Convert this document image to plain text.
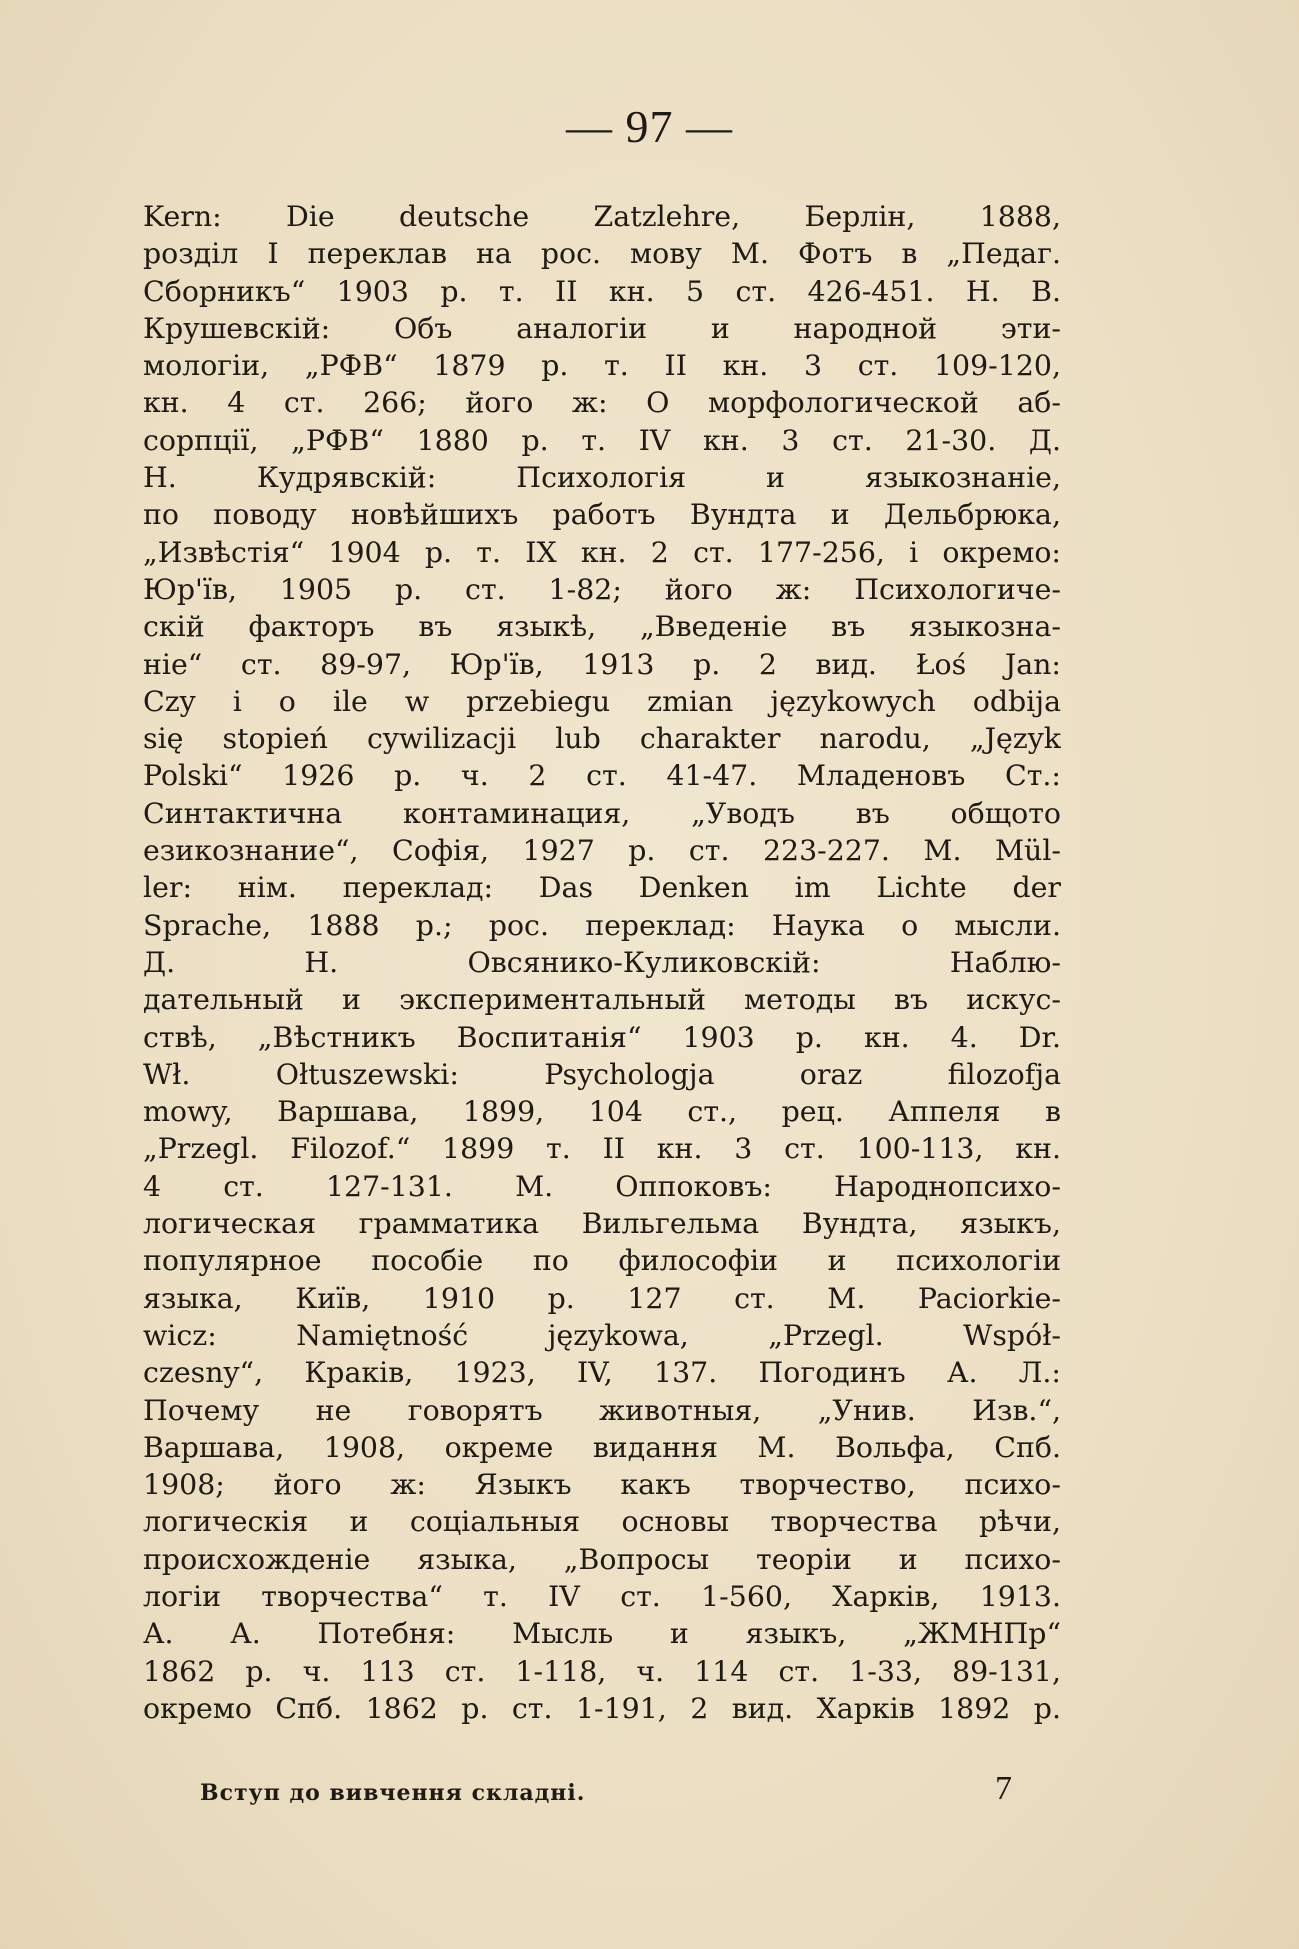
— 97 —
Kern: Die deutsche Zatzlehre, Берлін, 1888,
розділ I переклав на рос. мову М. Фотъ в „Педаг.
Сборникъ“ 1903 р. т. II кн. 5 ст. 426-451. Н. В.
Крушевскій: Объ аналогіи и народной эти-
мологіи, „РФВ“ 1879 р. т. II кн. 3 ст. 109-120,
кн. 4 ст. 266; його ж: О морфологической аб-
сорпції, „РФВ“ 1880 р. т. IV кн. 3 ст. 21-30. Д.
Н. Кудрявскій: Психологія и языкознаніе,
по поводу новѣйшихъ работъ Вундта и Дельбрюка,
„Извѣстія“ 1904 р. т. IX кн. 2 ст. 177-256, і окремо:
Юр'їв, 1905 р. ст. 1-82; його ж: Психологиче-
скій факторъ въ языкѣ, „Введеніе въ языкозна-
ніе“ ст. 89-97, Юр'їв, 1913 р. 2 вид. Łoś Jan:
Czy i o ile w przebiegu zmian językowych odbija
się stopień cywilizacji lub charakter narodu, „Język
Polski“ 1926 р. ч. 2 ст. 41-47. Младеновъ Ст.:
Синтактична контаминация, „Уводъ въ общото
езикознание“, Софія, 1927 р. ст. 223-227. M. Mül-
ler: нім. переклад: Das Denken im Lichte der
Sprache, 1888 р.; рос. переклад: Наука о мысли.
Д. Н. Овсянико-Куликовскій: Наблю-
дательный и экспериментальный методы въ искус-
ствѣ, „Вѣстникъ Воспитанія“ 1903 р. кн. 4. Dr.
Wł. Ołtuszewski: Psychologja oraz filozofja
mowy, Варшава, 1899, 104 ст., рец. Аппеля в
„Przegl. Filozof.“ 1899 т. II кн. 3 ст. 100-113, кн.
4 ст. 127-131. М. Оппоковъ: Народнопсихо-
логическая грамматика Вильгельма Вундта, языкъ,
популярное пособіе по философіи и психологіи
языка, Київ, 1910 р. 127 ст. M. Paciorkie-
wicz: Namiętność językowa, „Przegl. Współ-
czesny“, Краків, 1923, IV, 137. Погодинъ А. Л.:
Почему не говорятъ животныя, „Унив. Изв.“,
Варшава, 1908, окреме видання М. Вольфа, Спб.
1908; його ж: Языкъ какъ творчество, психо-
логическія и соціальныя основы творчества рѣчи,
происхожденіе языка, „Вопросы теоріи и психо-
логіи творчества“ т. IV ст. 1-560, Харків, 1913.
А. А. Потебня: Мысль и языкъ, „ЖМНПр“
1862 р. ч. 113 ст. 1-118, ч. 114 ст. 1-33, 89-131,
окремо Спб. 1862 р. ст. 1-191, 2 вид. Харків 1892 р.
Вступ до вивчення складні.	7
